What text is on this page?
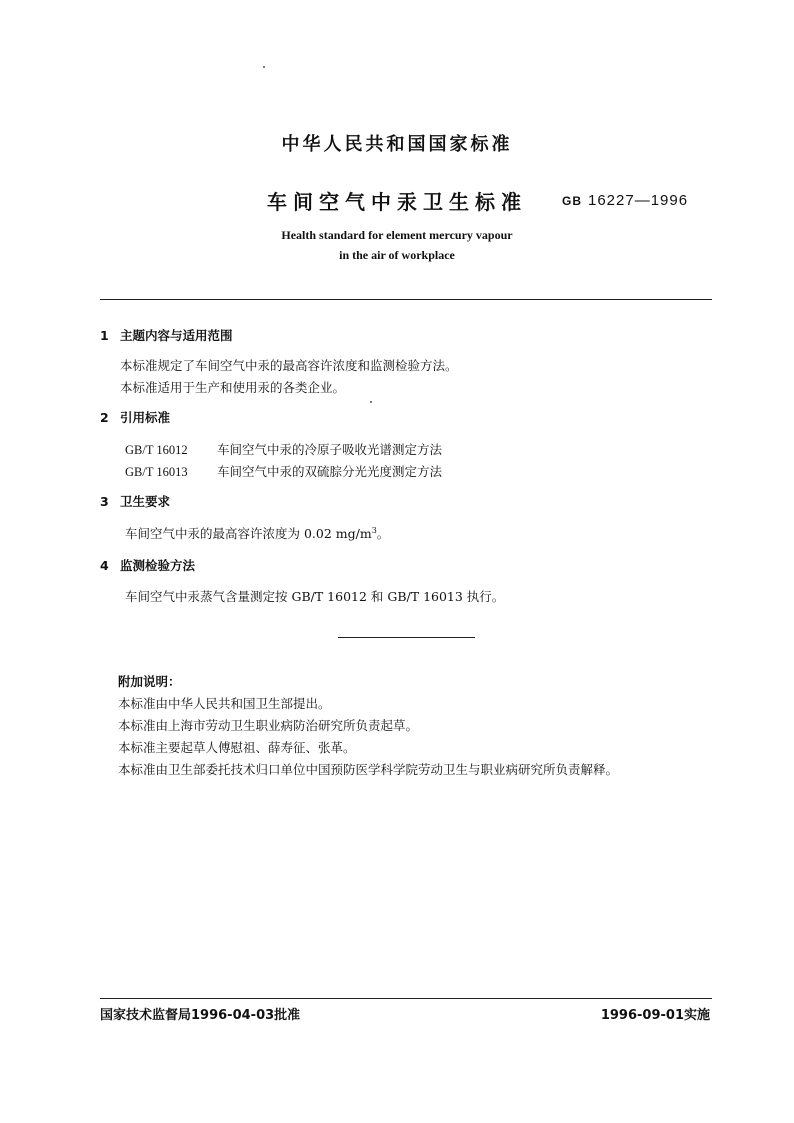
中华人民共和国国家标准
车间空气中汞卫生标准	GB 16227—1996
Health standard for element mercury vapour
in the air of workplace
1 主题内容与适用范围
本标准规定了车间空气中汞的最高容许浓度和监测检验方法。
本标准适用于生产和使用汞的各类企业。
2 引用标准
GB/T 16012 车间空气中汞的冷原子吸收光谱测定方法
GB/T 16013 车间空气中汞的双硫腙分光光度测定方法
3 卫生要求
车间空气中汞的最高容许浓度为 0.02 $mg/m^3$。
4 监测检验方法
车间空气中汞蒸气含量测定按 GB/T 16012 和 GB/T 16013 执行。
附加说明：
本标准由中华人民共和国卫生部提出。
本标准由上海市劳动卫生职业病防治研究所负责起草。
本标准主要起草人傅慰祖、薛寿征、张革。
本标准由卫生部委托技术归口单位中国预防医学科学院劳动卫生与职业病研究所负责解释。
国家技术监督局1996-04-03批准	1996-09-01实施
